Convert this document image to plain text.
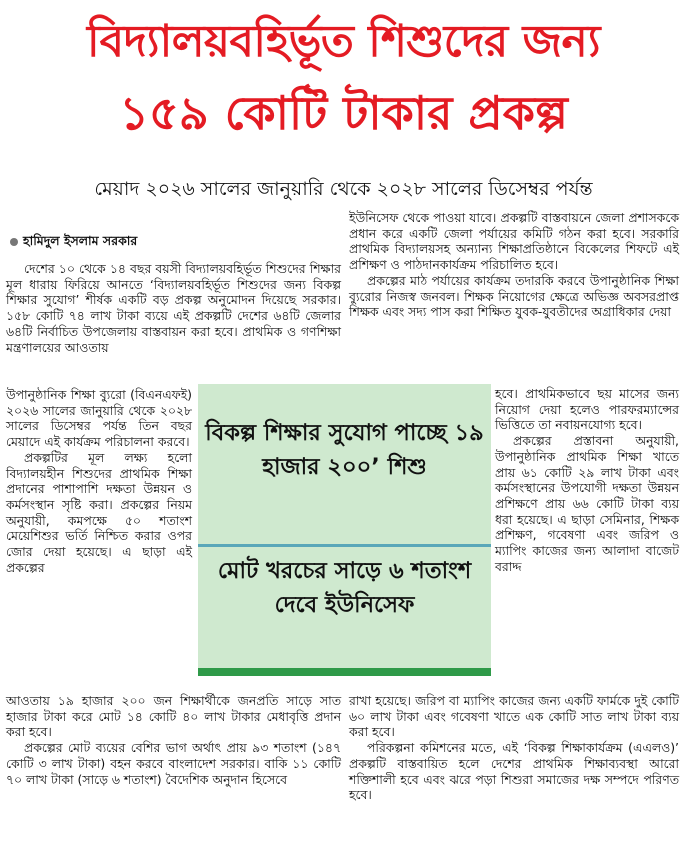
বিদ্যালয়বহির্ভূত শিশুদের জন্য
১৫৯ কোটি টাকার প্রকল্প
মেয়াদ ২০২৬ সালের জানুয়ারি থেকে ২০২৮ সালের ডিসেম্বর পর্যন্ত
হামিদুল ইসলাম সরকার

দেশের ১০ থেকে ১৪ বছর বয়সী বিদ্যালয়বহির্ভূত শিশুদের শিক্ষার মূল ধারায় ফিরিয়ে আনতে ‘বিদ্যালয়বহির্ভূত শিশুদের জন্য বিকল্প শিক্ষার সুযোগ’ শীর্ষক একটি বড় প্রকল্প অনুমোদন দিয়েছে সরকার। ১৫৮ কোটি ৭৪ লাখ টাকা ব্যয়ে এই প্রকল্পটি দেশের ৬৪টি জেলার ৬৪টি নির্বাচিত উপজেলায় বাস্তবায়ন করা হবে। প্রাথমিক ও গণশিক্ষা মন্ত্রণালয়ের আওতায়

উপানুষ্ঠানিক শিক্ষা ব্যুরো (বিএনএফই) ২০২৬ সালের জানুয়ারি থেকে ২০২৮ সালের ডিসেম্বর পর্যন্ত তিন বছর মেয়াদে এই কার্যক্রম পরিচালনা করবে।

প্রকল্পটির মূল লক্ষ্য হলো বিদ্যালয়হীন শিশুদের প্রাথমিক শিক্ষা প্রদানের পাশাপাশি দক্ষতা উন্নয়ন ও কর্মসংস্থান সৃষ্টি করা। প্রকল্পের নিয়ম অনুযায়ী, কমপক্ষে ৫০ শতাংশ মেয়েশিশুর ভর্তি নিশ্চিত করার ওপর জোর দেয়া হয়েছে। এ ছাড়া এই প্রকল্পের

আওতায় ১৯ হাজার ২০০ জন শিক্ষার্থীকে জনপ্রতি সাড়ে সাত হাজার টাকা করে মোট ১৪ কোটি ৪০ লাখ টাকার মেধাবৃত্তি প্রদান করা হবে।

প্রকল্পের মোট ব্যয়ের বেশির ভাগ অর্থাৎ প্রায় ৯৩ শতাংশ (১৪৭ কোটি ৩ লাখ টাকা) বহন করবে বাংলাদেশ সরকার। বাকি ১১ কোটি ৭০ লাখ টাকা (সাড়ে ৬ শতাংশ) বৈদেশিক অনুদান হিসেবে

ইউনিসেফ থেকে পাওয়া যাবে। প্রকল্পটি বাস্তবায়নে জেলা প্রশাসককে প্রধান করে একটি জেলা পর্যায়ের কমিটি গঠন করা হবে। সরকারি প্রাথমিক বিদ্যালয়সহ অন্যান্য শিক্ষাপ্রতিষ্ঠানে বিকেলের শিফটে এই প্রশিক্ষণ ও পাঠদানকার্যক্রম পরিচালিত হবে।

প্রকল্পের মাঠ পর্যায়ের কার্যক্রম তদারকি করবে উপানুষ্ঠানিক শিক্ষা ব্যুরোর নিজস্ব জনবল। শিক্ষক নিয়োগের ক্ষেত্রে অভিজ্ঞ অবসরপ্রাপ্ত শিক্ষক এবং সদ্য পাস করা শিক্ষিত যুবক-যুবতীদের অগ্রাধিকার দেয়া

হবে। প্রাথমিকভাবে ছয় মাসের জন্য নিয়োগ দেয়া হলেও পারফরম্যান্সের ভিত্তিতে তা নবায়নযোগ্য হবে।

প্রকল্পের প্রস্তাবনা অনুযায়ী, উপানুষ্ঠানিক প্রাথমিক শিক্ষা খাতে প্রায় ৬১ কোটি ২৯ লাখ টাকা এবং কর্মসংস্থানের উপযোগী দক্ষতা উন্নয়ন প্রশিক্ষণে প্রায় ৬৬ কোটি টাকা ব্যয় ধরা হয়েছে। এ ছাড়া সেমিনার, শিক্ষক প্রশিক্ষণ, গবেষণা এবং জরিপ ও ম্যাপিং কাজের জন্য আলাদা বাজেট বরাদ্দ

রাখা হয়েছে। জরিপ বা ম্যাপিং কাজের জন্য একটি ফার্মকে দুই কোটি ৬০ লাখ টাকা এবং গবেষণা খাতে এক কোটি সাত লাখ টাকা ব্যয় করা হবে।

পরিকল্পনা কমিশনের মতে, এই ‘বিকল্প শিক্ষাকার্যক্রম (এএলও)’ প্রকল্পটি বাস্তবায়িত হলে দেশের প্রাথমিক শিক্ষাব্যবস্থা আরো শক্তিশালী হবে এবং ঝরে পড়া শিশুরা সমাজের দক্ষ সম্পদে পরিণত হবে।

বিকল্প শিক্ষার সুযোগ পাচ্ছে ১৯ হাজার ২০০’ শিশু
মোট খরচের সাড়ে ৬ শতাংশ দেবে ইউনিসেফ
